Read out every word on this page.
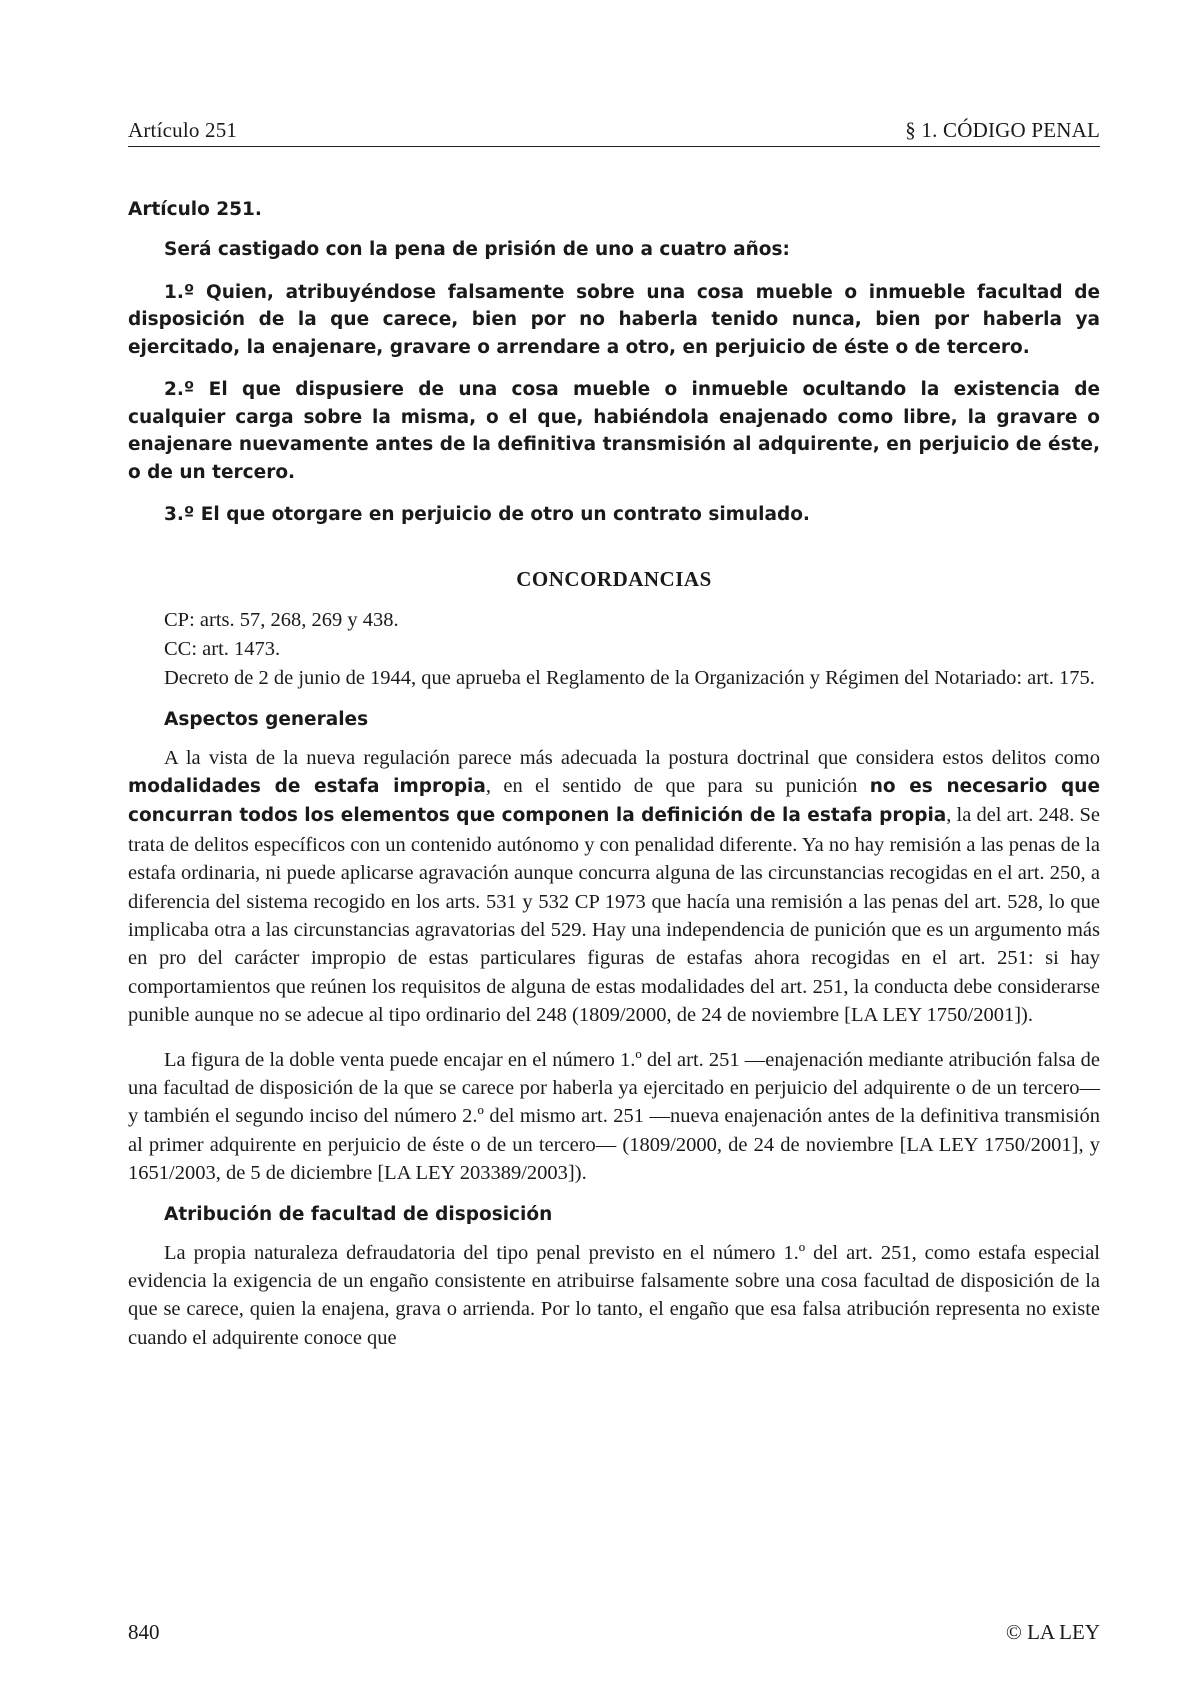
Artículo 251	§ 1. CÓDIGO PENAL
Artículo 251.

Será castigado con la pena de prisión de uno a cuatro años:

1.º Quien, atribuyéndose falsamente sobre una cosa mueble o inmueble facultad de disposición de la que carece, bien por no haberla tenido nunca, bien por haberla ya ejercitado, la enajenare, gravare o arrendare a otro, en perjuicio de éste o de tercero.

2.º El que dispusiere de una cosa mueble o inmueble ocultando la existencia de cualquier carga sobre la misma, o el que, habiéndola enajenado como libre, la gravare o enajenare nuevamente antes de la definitiva transmisión al adquirente, en perjuicio de éste, o de un tercero.

3.º El que otorgare en perjuicio de otro un contrato simulado.

CONCORDANCIAS

CP: arts. 57, 268, 269 y 438.

CC: art. 1473.

Decreto de 2 de junio de 1944, que aprueba el Reglamento de la Organización y Régimen del Notariado: art. 175.

Aspectos generales

A la vista de la nueva regulación parece más adecuada la postura doctrinal que considera estos delitos como modalidades de estafa impropia, en el sentido de que para su punición no es necesario que concurran todos los elementos que componen la definición de la estafa propia, la del art. 248. Se trata de delitos específicos con un contenido autónomo y con penalidad diferente. Ya no hay remisión a las penas de la estafa ordinaria, ni puede aplicarse agravación aunque concurra alguna de las circunstancias recogidas en el art. 250, a diferencia del sistema recogido en los arts. 531 y 532 CP 1973 que hacía una remisión a las penas del art. 528, lo que implicaba otra a las circunstancias agravatorias del 529. Hay una independencia de punición que es un argumento más en pro del carácter impropio de estas particulares figuras de estafas ahora recogidas en el art. 251: si hay comportamientos que reúnen los requisitos de alguna de estas modalidades del art. 251, la conducta debe considerarse punible aunque no se adecue al tipo ordinario del 248 (1809/2000, de 24 de noviembre [LA LEY 1750/2001]).

La figura de la doble venta puede encajar en el número 1.º del art. 251 —enajenación mediante atribución falsa de una facultad de disposición de la que se carece por haberla ya ejercitado en perjuicio del adquirente o de un tercero— y también el segundo inciso del número 2.º del mismo art. 251 —nueva enajenación antes de la definitiva transmisión al primer adquirente en perjuicio de éste o de un tercero— (1809/2000, de 24 de noviembre [LA LEY 1750/2001], y 1651/2003, de 5 de diciembre [LA LEY 203389/2003]).

Atribución de facultad de disposición

La propia naturaleza defraudatoria del tipo penal previsto en el número 1.º del art. 251, como estafa especial evidencia la exigencia de un engaño consistente en atribuirse falsamente sobre una cosa facultad de disposición de la que se carece, quien la enajena, grava o arrienda. Por lo tanto, el engaño que esa falsa atribución representa no existe cuando el adquirente conoce que

840	© LA LEY
